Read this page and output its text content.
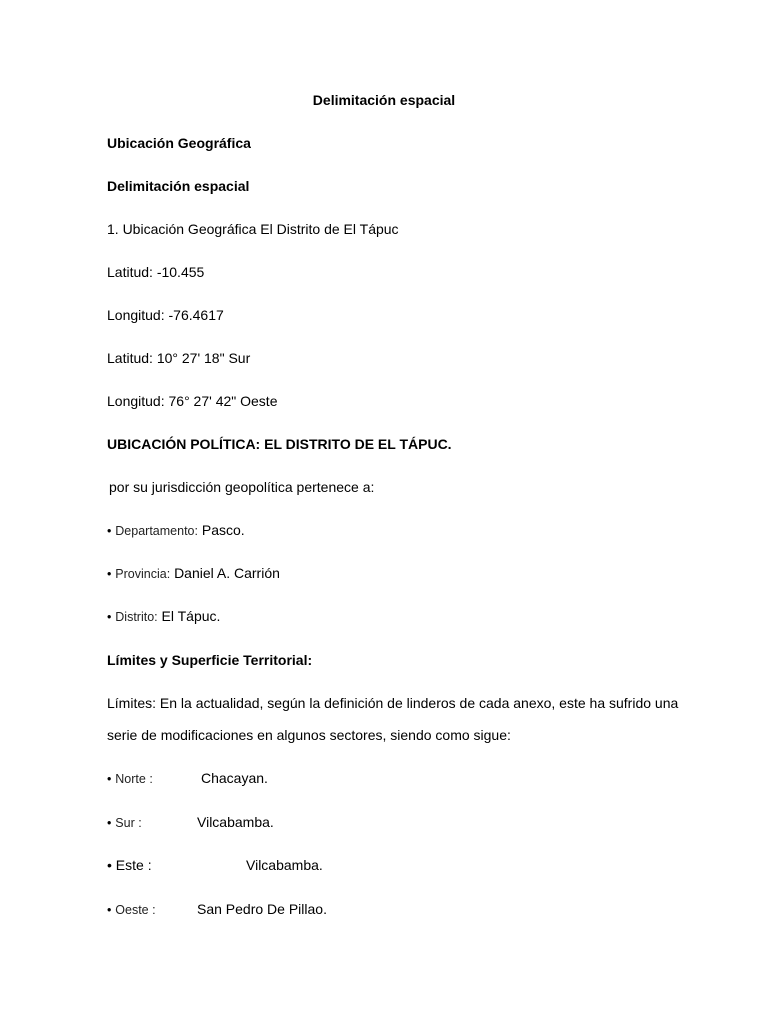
Delimitación espacial
Ubicación Geográfica
Delimitación espacial
1. Ubicación Geográfica El Distrito de El Tápuc
Latitud: -10.455
Longitud: -76.4617
Latitud: 10° 27' 18" Sur
Longitud: 76° 27' 42" Oeste
UBICACIÓN POLÍTICA: EL DISTRITO DE EL TÁPUC.
por su jurisdicción geopolítica pertenece a:
• Departamento: Pasco.
• Provincia: Daniel A. Carrión
• Distrito: El Tápuc.
Límites y Superficie Territorial:
Límites: En la actualidad, según la definición de linderos de cada anexo, este ha sufrido una
serie de modificaciones en algunos sectores, siendo como sigue:
• Norte :	Chacayan.
• Sur :	Vilcabamba.
• Este :	Vilcabamba.
• Oeste :	San Pedro De Pillao.
